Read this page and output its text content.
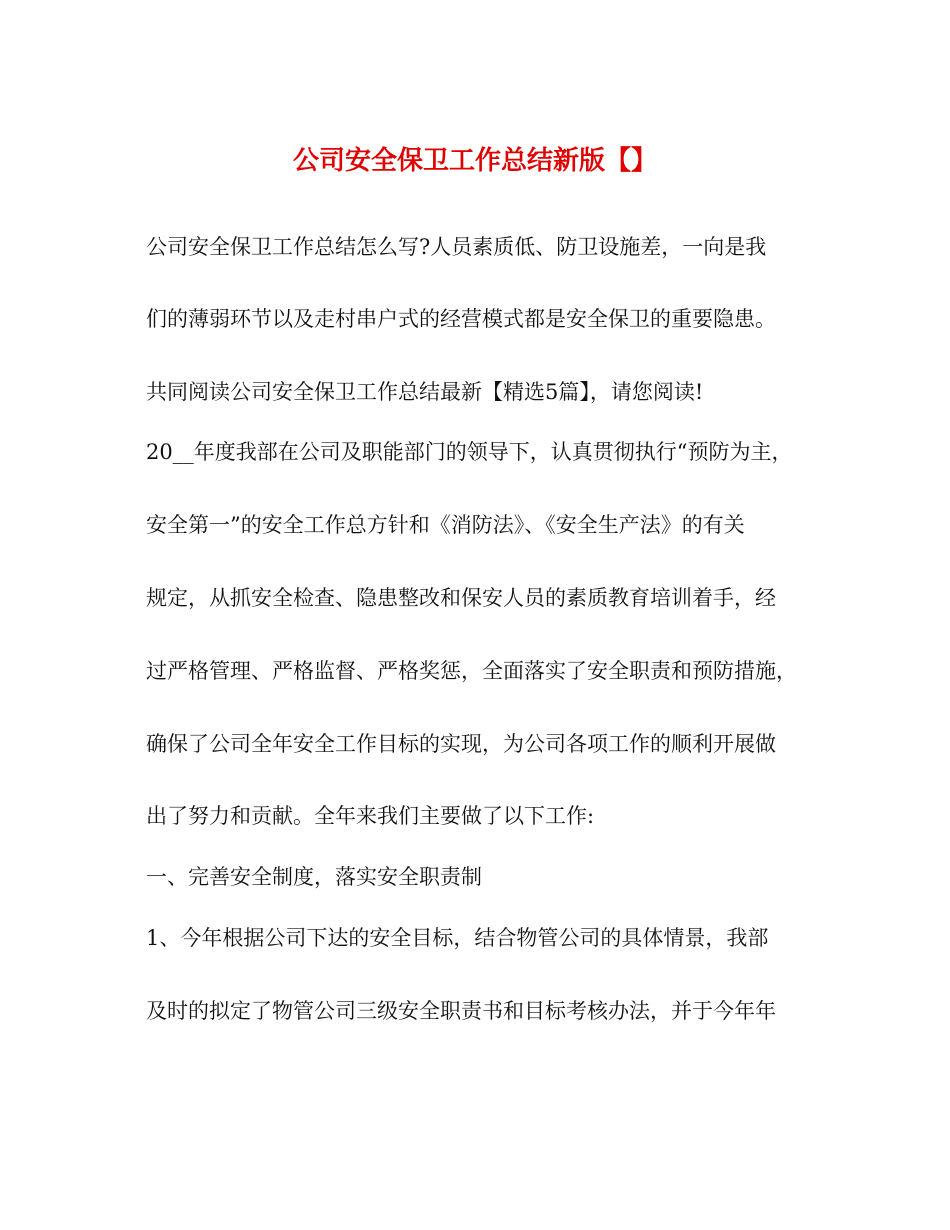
公司安全保卫工作总结新版【】
公司安全保卫工作总结怎么写?人员素质低、防卫设施差，一向是我
们的薄弱环节以及走村串户式的经营模式都是安全保卫的重要隐患。
共同阅读公司安全保卫工作总结最新【精选5篇】，请您阅读!
20__年度我部在公司及职能部门的领导下，认真贯彻执行“预防为主，
安全第一”的安全工作总方针和《消防法》、《安全生产法》的有关
规定，从抓安全检查、隐患整改和保安人员的素质教育培训着手，经
过严格管理、严格监督、严格奖惩，全面落实了安全职责和预防措施，
确保了公司全年安全工作目标的实现，为公司各项工作的顺利开展做
出了努力和贡献。全年来我们主要做了以下工作:
一、完善安全制度，落实安全职责制
1、今年根据公司下达的安全目标，结合物管公司的具体情景，我部
及时的拟定了物管公司三级安全职责书和目标考核办法，并于今年年
